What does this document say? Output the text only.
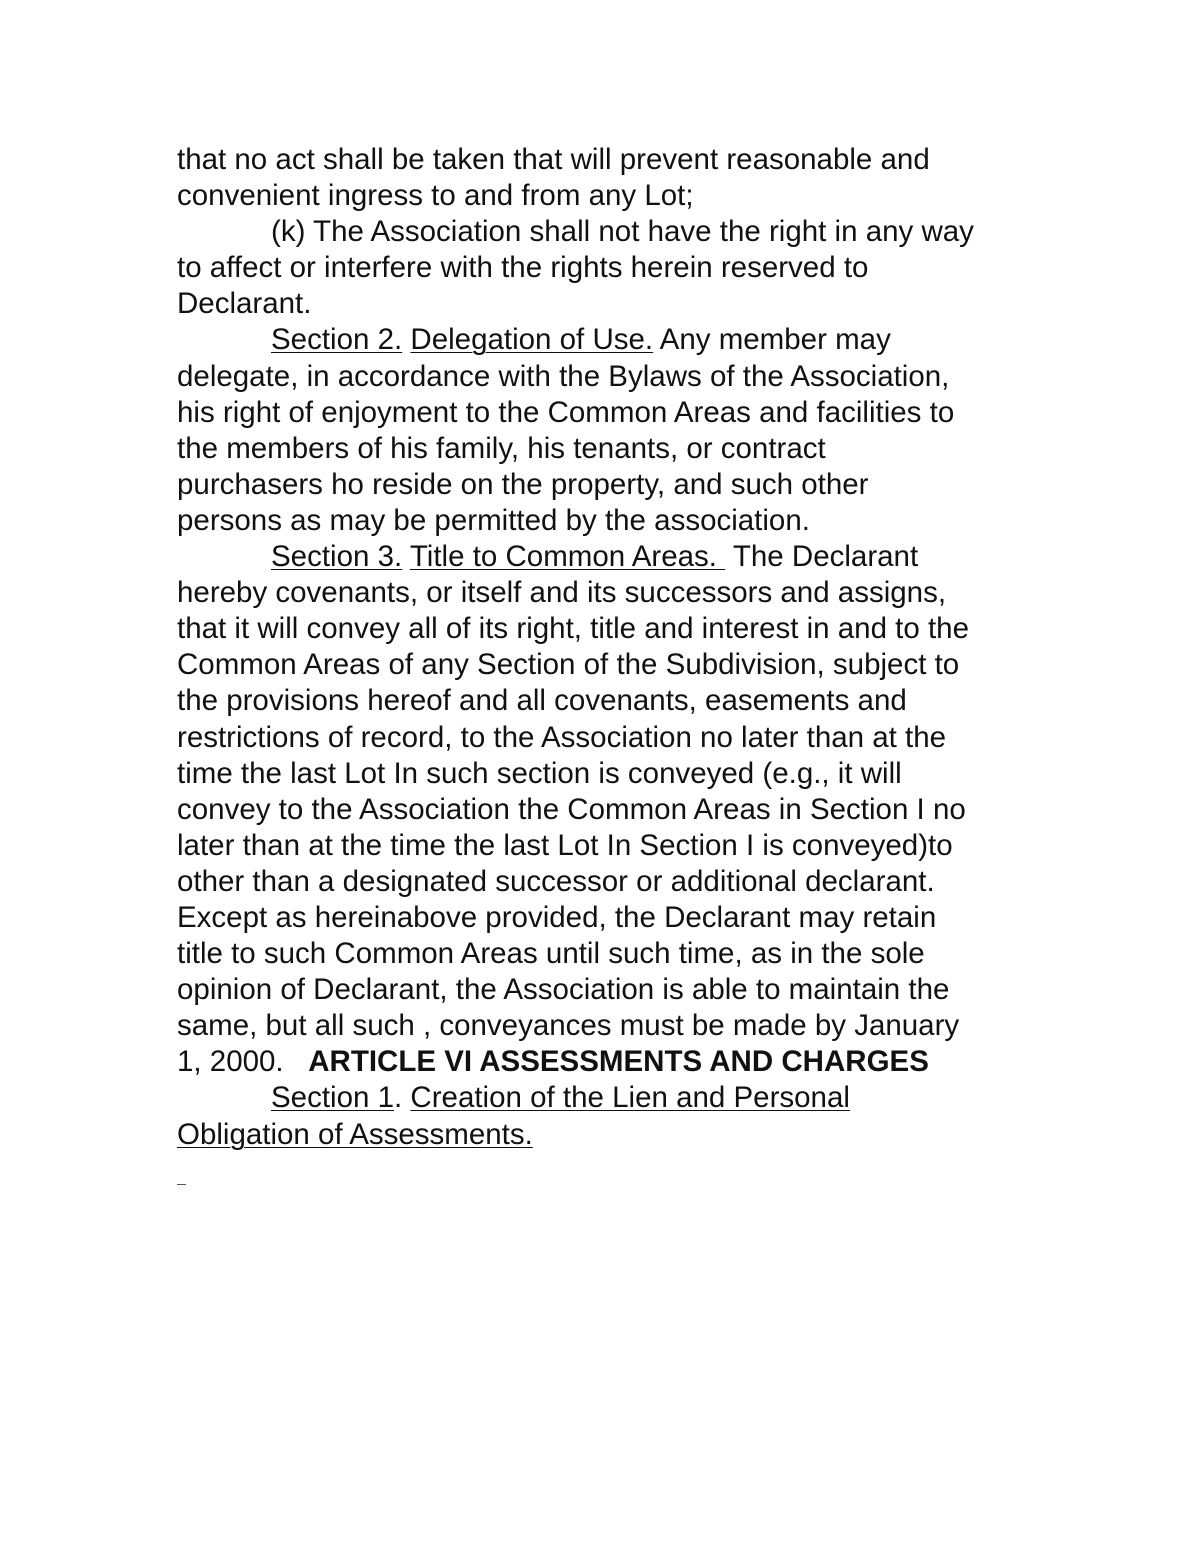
that no act shall be taken that will prevent reasonable and
convenient ingress to and from any Lot;
(k) The Association shall not have the right in any way
to affect or interfere with the rights herein reserved to
Declarant.
Section 2. Delegation of Use. Any member may
delegate, in accordance with the Bylaws of the Association,
his right of enjoyment to the Common Areas and facilities to
the members of his family, his tenants, or contract
purchasers ho reside on the property, and such other
persons as may be permitted by the association.
Section 3. Title to Common Areas.  The Declarant
hereby covenants, or itself and its successors and assigns,
that it will convey all of its right, title and interest in and to the
Common Areas of any Section of the Subdivision, subject to
the provisions hereof and all covenants, easements and
restrictions of record, to the Association no later than at the
time the last Lot In such section is conveyed (e.g., it will
convey to the Association the Common Areas in Section I no
later than at the time the last Lot In Section I is conveyed)to
other than a designated successor or additional declarant.
Except as hereinabove provided, the Declarant may retain
title to such Common Areas until such time, as in the sole
opinion of Declarant, the Association is able to maintain the
same, but all such , conveyances must be made by January
1, 2000.   ARTICLE VI ASSESSMENTS AND CHARGES
Section 1. Creation of the Lien and Personal
Obligation of Assessments.
